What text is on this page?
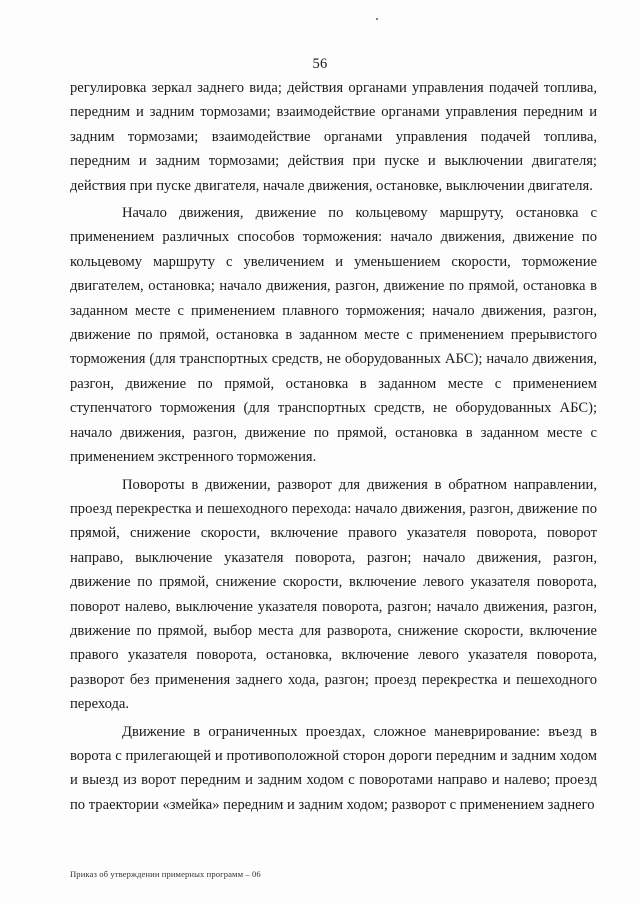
56

регулировка зеркал заднего вида; действия органами управления подачей топлива, передним и задним тормозами; взаимодействие органами управления передним и задним тормозами; взаимодействие органами управления подачей топлива, передним и задним тормозами; действия при пуске и выключении двигателя; действия при пуске двигателя, начале движения, остановке, выключении двигателя.

Начало движения, движение по кольцевому маршруту, остановка с применением различных способов торможения: начало движения, движение по кольцевому маршруту с увеличением и уменьшением скорости, торможение двигателем, остановка; начало движения, разгон, движение по прямой, остановка в заданном месте с применением плавного торможения; начало движения, разгон, движение по прямой, остановка в заданном месте с применением прерывистого торможения (для транспортных средств, не оборудованных АБС); начало движения, разгон, движение по прямой, остановка в заданном месте с применением ступенчатого торможения (для транспортных средств, не оборудованных АБС); начало движения, разгон, движение по прямой, остановка в заданном месте с применением экстренного торможения.

Повороты в движении, разворот для движения в обратном направлении, проезд перекрестка и пешеходного перехода: начало движения, разгон, движение по прямой, снижение скорости, включение правого указателя поворота, поворот направо, выключение указателя поворота, разгон; начало движения, разгон, движение по прямой, снижение скорости, включение левого указателя поворота, поворот налево, выключение указателя поворота, разгон; начало движения, разгон, движение по прямой, выбор места для разворота, снижение скорости, включение правого указателя поворота, остановка, включение левого указателя поворота, разворот без применения заднего хода, разгон; проезд перекрестка и пешеходного перехода.

Движение в ограниченных проездах, сложное маневрирование: въезд в ворота с прилегающей и противоположной сторон дороги передним и задним ходом и выезд из ворот передним и задним ходом с поворотами направо и налево; проезд по траектории «змейка» передним и задним ходом; разворот с применением заднего

Приказ об утверждении примерных программ – 06
